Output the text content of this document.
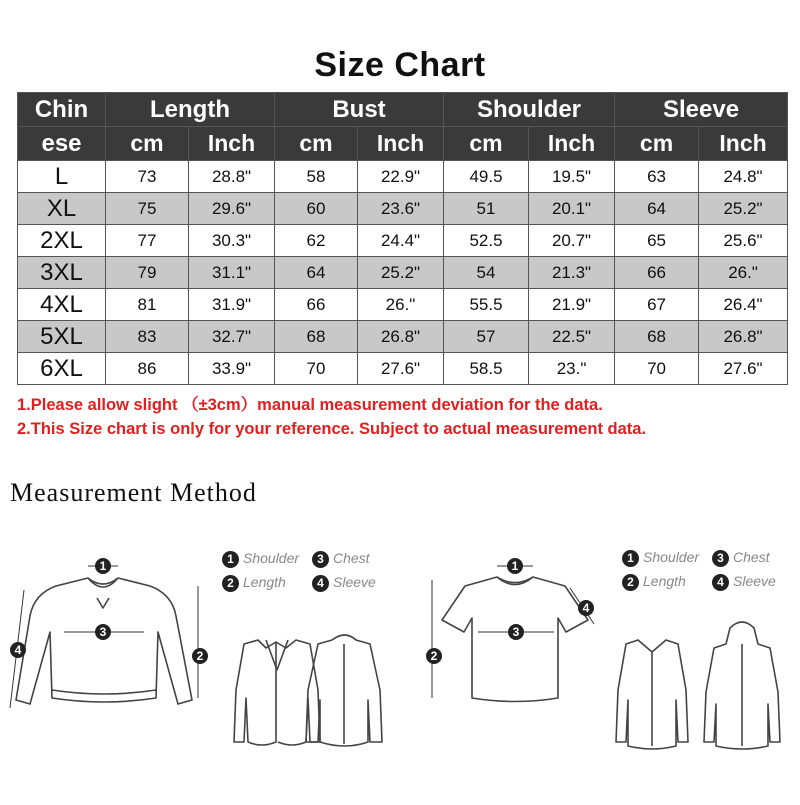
Size Chart
Chin	Length		Bust		Shoulder		Sleeve	
ese	cm	Inch	cm	Inch	cm	Inch	cm	Inch
L	73	28.8"	58	22.9"	49.5	19.5"	63	24.8"
XL	75	29.6"	60	23.6"	51	20.1"	64	25.2"
2XL	77	30.3"	62	24.4"	52.5	20.7"	65	25.6"
3XL	79	31.1"	64	25.2"	54	21.3"	66	26."
4XL	81	31.9"	66	26."	55.5	21.9"	67	26.4"
5XL	83	32.7"	68	26.8"	57	22.5"	68	26.8"
6XL	86	33.9"	70	27.6"	58.5	23."	70	27.6"
1.Please allow slight （±3cm）manual measurement deviation for the data.
2.This Size chart is only for your reference. Subject to actual measurement data.
Measurement Method
1
3
2
4
1
3
2
4
1 Shoulder	3 Chest
2 Length	4 Sleeve
1 Shoulder	3 Chest
2 Length	4 Sleeve
